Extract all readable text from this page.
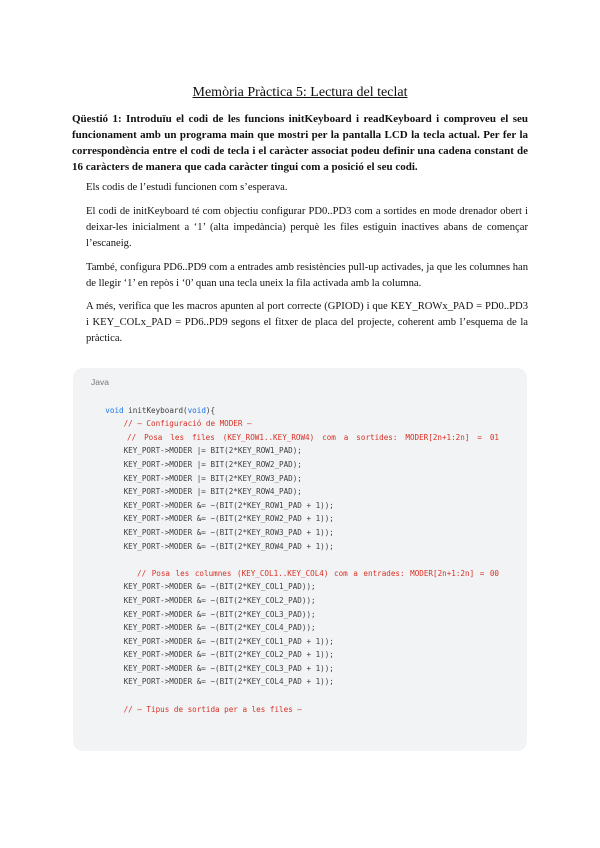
Memòria Pràctica 5: Lectura del teclat
Qüestió 1: Introduïu el codi de les funcions initKeyboard i readKeyboard i comproveu el seu funcionament amb un programa main que mostri per la pantalla LCD la tecla actual. Per fer la correspondència entre el codi de tecla i el caràcter associat podeu definir una cadena constant de 16 caràcters de manera que cada caràcter tingui com a posició el seu codi.
Els codis de l’estudi funcionen com s’esperava.
El codi de initKeyboard té com objectiu configurar PD0..PD3 com a sortides en mode drenador obert i deixar-les inicialment a ‘1’ (alta impedància) perquè les files estiguin inactives abans de començar l’escaneig.
També, configura PD6..PD9 com a entrades amb resistències pull-up activades, ja que les columnes han de llegir ‘1’ en repòs i ‘0’ quan una tecla uneix la fila activada amb la columna.
A més, verifica que les macros apunten al port correcte (GPIOD) i que KEY_ROWx_PAD = PD0..PD3 i KEY_COLx_PAD = PD6..PD9 segons el fitxer de placa del projecte, coherent amb l’esquema de la pràctica.
Java

void initKeyboard(void){
// – Configuració de MODER –
// Posa les files (KEY_ROW1..KEY_ROW4) com a sortides: MODER[2n+1:2n] = 01
KEY_PORT->MODER |= BIT(2*KEY_ROW1_PAD);
KEY_PORT->MODER |= BIT(2*KEY_ROW2_PAD);
KEY_PORT->MODER |= BIT(2*KEY_ROW3_PAD);
KEY_PORT->MODER |= BIT(2*KEY_ROW4_PAD);
KEY_PORT->MODER &= ~(BIT(2*KEY_ROW1_PAD + 1));
KEY_PORT->MODER &= ~(BIT(2*KEY_ROW2_PAD + 1));
KEY_PORT->MODER &= ~(BIT(2*KEY_ROW3_PAD + 1));
KEY_PORT->MODER &= ~(BIT(2*KEY_ROW4_PAD + 1));

// Posa les columnes (KEY_COL1..KEY_COL4) com a entrades: MODER[2n+1:2n] = 00
KEY_PORT->MODER &= ~(BIT(2*KEY_COL1_PAD));
KEY_PORT->MODER &= ~(BIT(2*KEY_COL2_PAD));
KEY_PORT->MODER &= ~(BIT(2*KEY_COL3_PAD));
KEY_PORT->MODER &= ~(BIT(2*KEY_COL4_PAD));
KEY_PORT->MODER &= ~(BIT(2*KEY_COL1_PAD + 1));
KEY_PORT->MODER &= ~(BIT(2*KEY_COL2_PAD + 1));
KEY_PORT->MODER &= ~(BIT(2*KEY_COL3_PAD + 1));
KEY_PORT->MODER &= ~(BIT(2*KEY_COL4_PAD + 1));

// – Tipus de sortida per a les files –
